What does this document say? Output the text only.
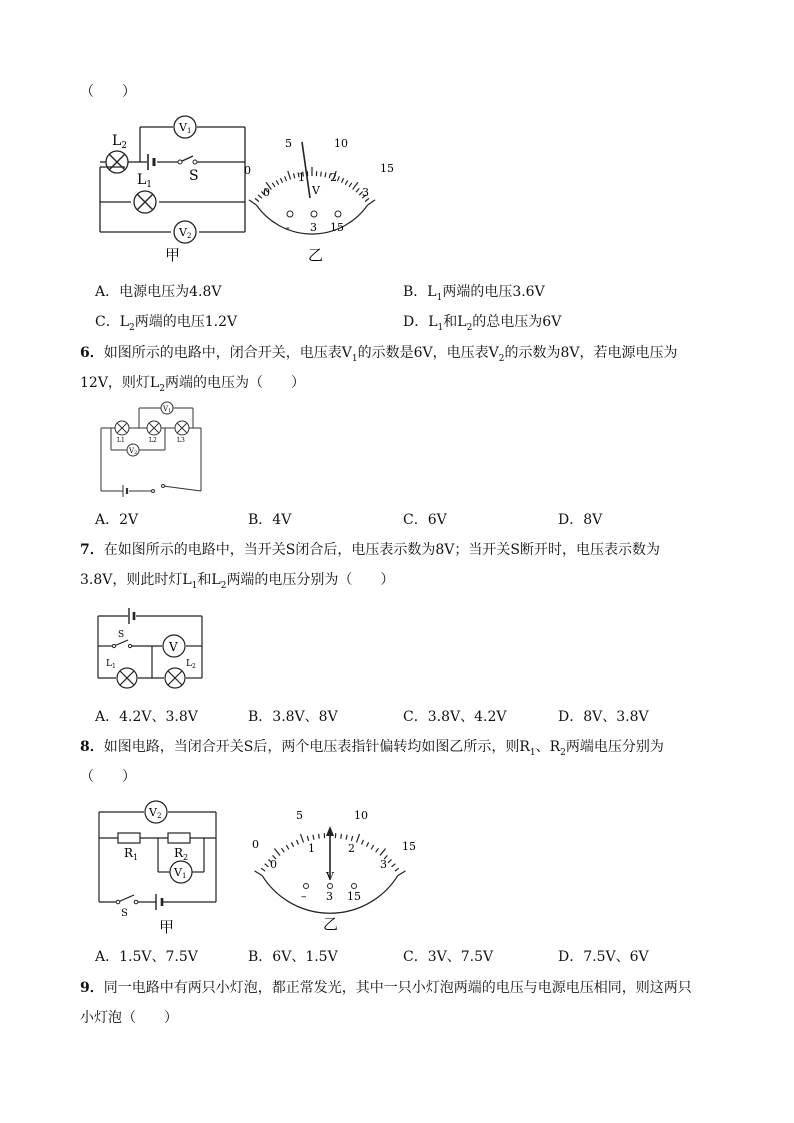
（　　）
$L_2$
$L_1$
S
V1
V2
甲
0
5	10
15
0
1 2
3
V
- 3 15
乙
A．电源电压为4.8V	B．$L_1$两端的电压3.6V
C．$L_2$两端的电压1.2V	D．$L_1$和$L_2$的总电压为6V
6．如图所示的电路中，闭合开关，电压表$V_1$的示数是6V，电压表$V_2$的示数为8V，若电源电压为
12V，则灯$L_2$两端的电压为（　　）
V1
V2
L1	L2	L3
A．2V	B．4V	C．6V	D．8V
7．在如图所示的电路中，当开关S闭合后，电压表示数为8V；当开关S断开时，电压表示数为
3.8V，则此时灯$L_1$和$L_2$两端的电压分别为（　　）
S
V
$L_1$	$L_2$
A．4.2V、3.8V	B．3.8V、8V	C．3.8V、4.2V	D．8V、3.8V
8．如图电路，当闭合开关S后，两个电压表指针偏转均如图乙所示，则$R_1$、$R_2$两端电压分别为
（　　）
V2
$R_1$	$R_2$
V1
S
甲
0
5	10
15
0
1	2
3
V
– 3 15
乙
A．1.5V、7.5V	B．6V、1.5V	C．3V、7.5V	D．7.5V、6V
9．同一电路中有两只小灯泡，都正常发光，其中一只小灯泡两端的电压与电源电压相同，则这两只
小灯泡（　　）
